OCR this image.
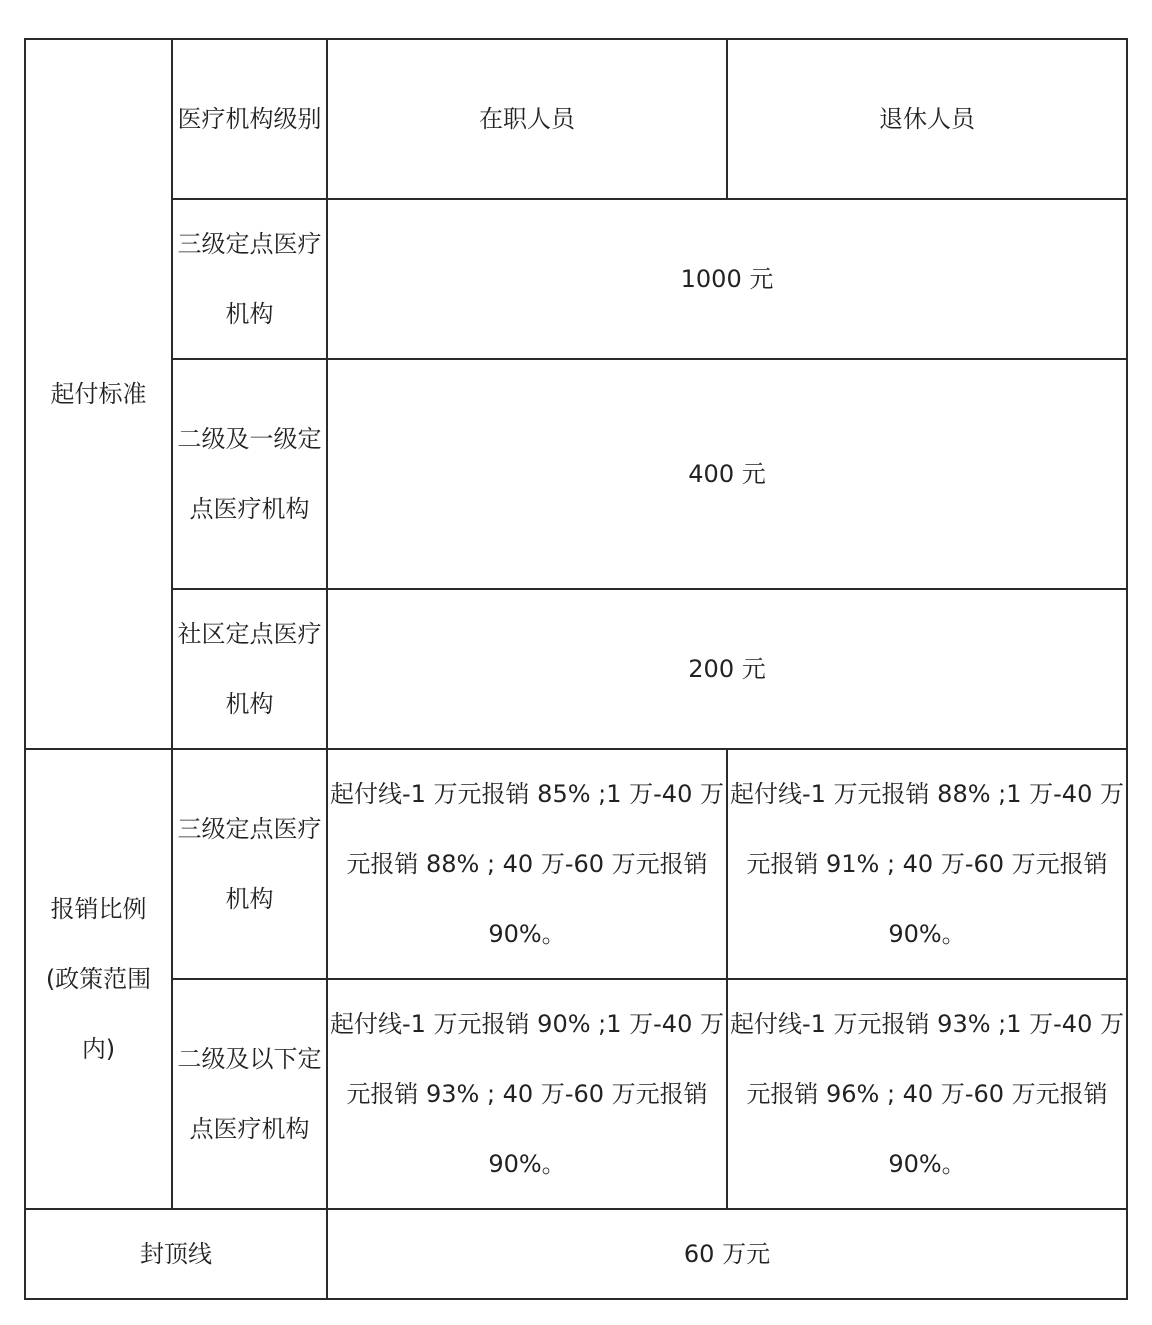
起付标准	医疗机构级别	在职人员	退休人员
	三级定点医疗机构	1000 元	
	二级及一级定点医疗机构	400 元	
	社区定点医疗机构	200 元	
报销比例(政策范围内)	三级定点医疗机构	起付线-1 万元报销 85% ;1 万-40 万元报销 88% ; 40 万-60 万元报销 90%。	起付线-1 万元报销 88% ;1 万-40 万元报销 91% ; 40 万-60 万元报销 90%。
	二级及以下定点医疗机构	起付线-1 万元报销 90% ;1 万-40 万元报销 93% ; 40 万-60 万元报销 90%。	起付线-1 万元报销 93% ;1 万-40 万元报销 96% ; 40 万-60 万元报销 90%。
封顶线		60 万元	
